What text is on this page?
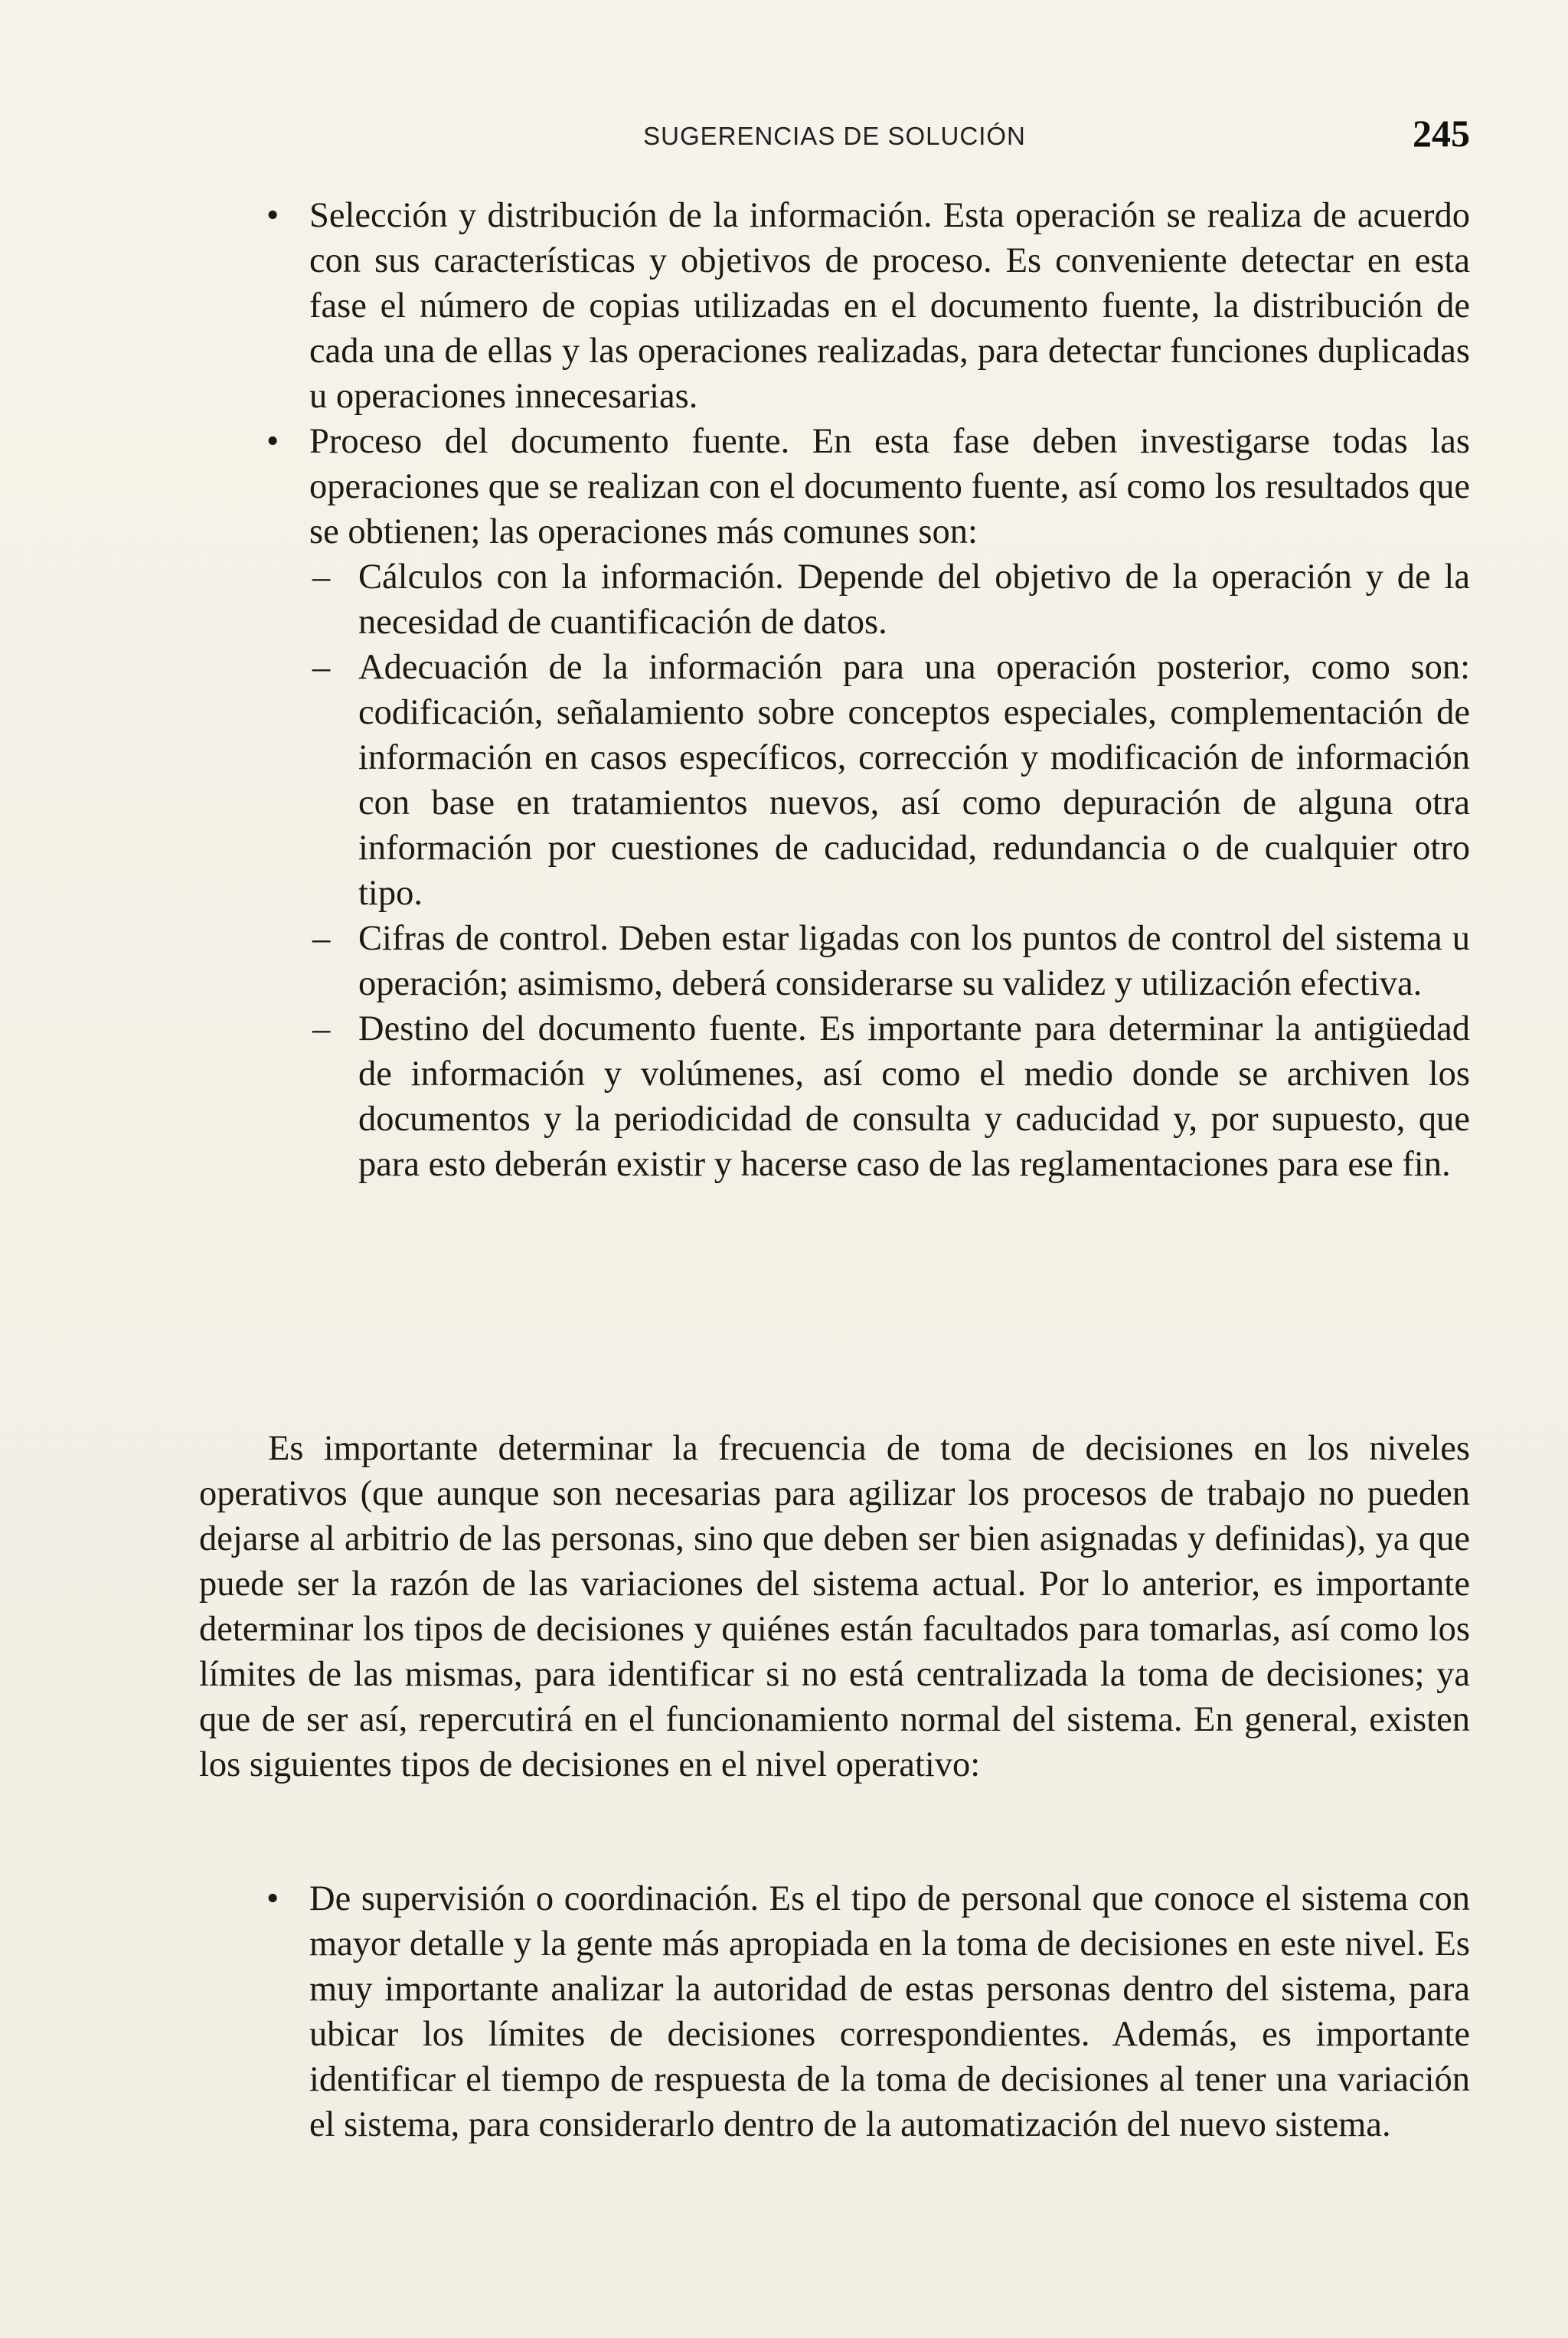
SUGERENCIAS DE SOLUCIÓN	245
• Selección y distribución de la información. Esta operación se realiza de acuerdo con sus características y objetivos de proceso. Es conveniente detectar en esta fase el número de copias utilizadas en el documento fuente, la distribución de cada una de ellas y las operaciones realizadas, para detectar funciones duplicadas u operaciones innecesarias.

• Proceso del documento fuente. En esta fase deben investigarse todas las operaciones que se realizan con el documento fuente, así como los resultados que se obtienen; las operaciones más comunes son:

– Cálculos con la información. Depende del objetivo de la operación y de la necesidad de cuantificación de datos.

– Adecuación de la información para una operación posterior, como son: codificación, señalamiento sobre conceptos especiales, complementación de información en casos específicos, corrección y modificación de información con base en tratamientos nuevos, así como depuración de alguna otra información por cuestiones de caducidad, redundancia o de cualquier otro tipo.

– Cifras de control. Deben estar ligadas con los puntos de control del sistema u operación; asimismo, deberá considerarse su validez y utilización efectiva.

– Destino del documento fuente. Es importante para determinar la antigüedad de información y volúmenes, así como el medio donde se archiven los documentos y la periodicidad de consulta y caducidad y, por supuesto, que para esto deberán existir y hacerse caso de las reglamentaciones para ese fin.

Es importante determinar la frecuencia de toma de decisiones en los niveles operativos (que aunque son necesarias para agilizar los procesos de trabajo no pueden dejarse al arbitrio de las personas, sino que deben ser bien asignadas y definidas), ya que puede ser la razón de las variaciones del sistema actual. Por lo anterior, es importante determinar los tipos de decisiones y quiénes están facultados para tomarlas, así como los límites de las mismas, para identificar si no está centralizada la toma de decisiones; ya que de ser así, repercutirá en el funcionamiento normal del sistema. En general, existen los siguientes tipos de decisiones en el nivel operativo:

• De supervisión o coordinación. Es el tipo de personal que conoce el sistema con mayor detalle y la gente más apropiada en la toma de decisiones en este nivel. Es muy importante analizar la autoridad de estas personas dentro del sistema, para ubicar los límites de decisiones correspondientes. Además, es importante identificar el tiempo de respuesta de la toma de decisiones al tener una variación el sistema, para considerarlo dentro de la automatización del nuevo sistema.
